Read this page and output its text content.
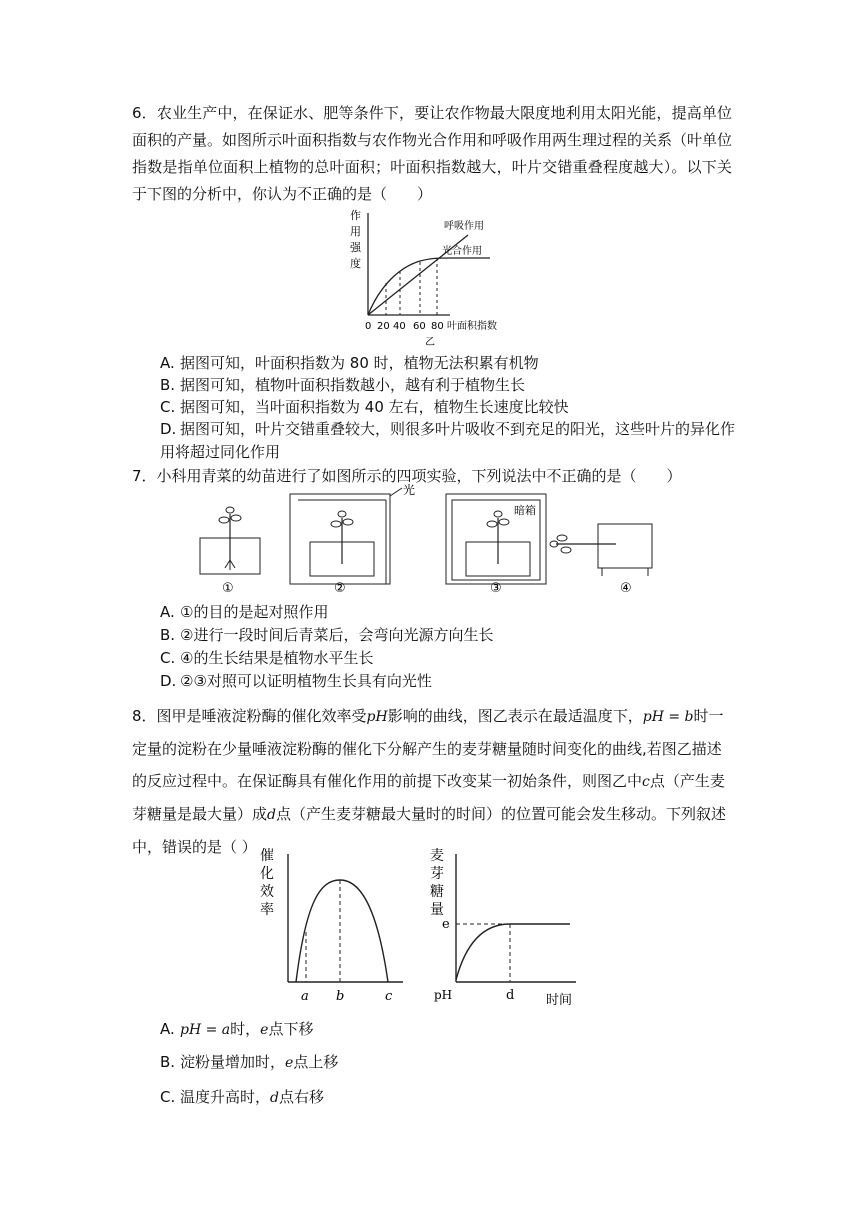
6．农业生产中，在保证水、肥等条件下，要让农作物最大限度地利用太阳光能，提高单位面积的产量。如图所示叶面积指数与农作物光合作用和呼吸作用两生理过程的关系（叶单位指数是指单位面积上植物的总叶面积；叶面积指数越大，叶片交错重叠程度越大）。以下关于下图的分析中，你认为不正确的是（　　）
作
用
强
度
呼吸作用
光合作用
0 20 40 60 80 叶面积指数
乙
A. 据图可知，叶面积指数为 80 时，植物无法积累有机物
B. 据图可知，植物叶面积指数越小，越有利于植物生长
C. 据图可知，当叶面积指数为 40 左右，植物生长速度比较快
D. 据图可知，叶片交错重叠较大，则很多叶片吸收不到充足的阳光，这些叶片的异化作用将超过同化作用
7．小科用青菜的幼苗进行了如图所示的四项实验，下列说法中不正确的是（　　）
①
光
②
暗箱
③	④
A. ①的目的是起对照作用
B. ②进行一段时间后青菜后，会弯向光源方向生长
C. ④的生长结果是植物水平生长
D. ②③对照可以证明植物生长具有向光性
8．图甲是唾液淀粉酶的催化效率受pH影响的曲线，图乙表示在最适温度下，pH = b时一
定量的淀粉在少量唾液淀粉酶的催化下分解产生的麦芽糖量随时间变化的曲线,若图乙描述
的反应过程中。在保证酶具有催化作用的前提下改变某一初始条件，则图乙中c点（产生麦
芽糖量是最大量）成d点（产生麦芽糖最大量时的时间）的位置可能会发生移动。下列叙述
中，错误的是（ ） 催
化
效
率
a b	c
麦
芽
糖
量
e
pH	d 时间
A. pH = a时，e点下移
B. 淀粉量增加时，e点上移
C. 温度升高时，d点右移
